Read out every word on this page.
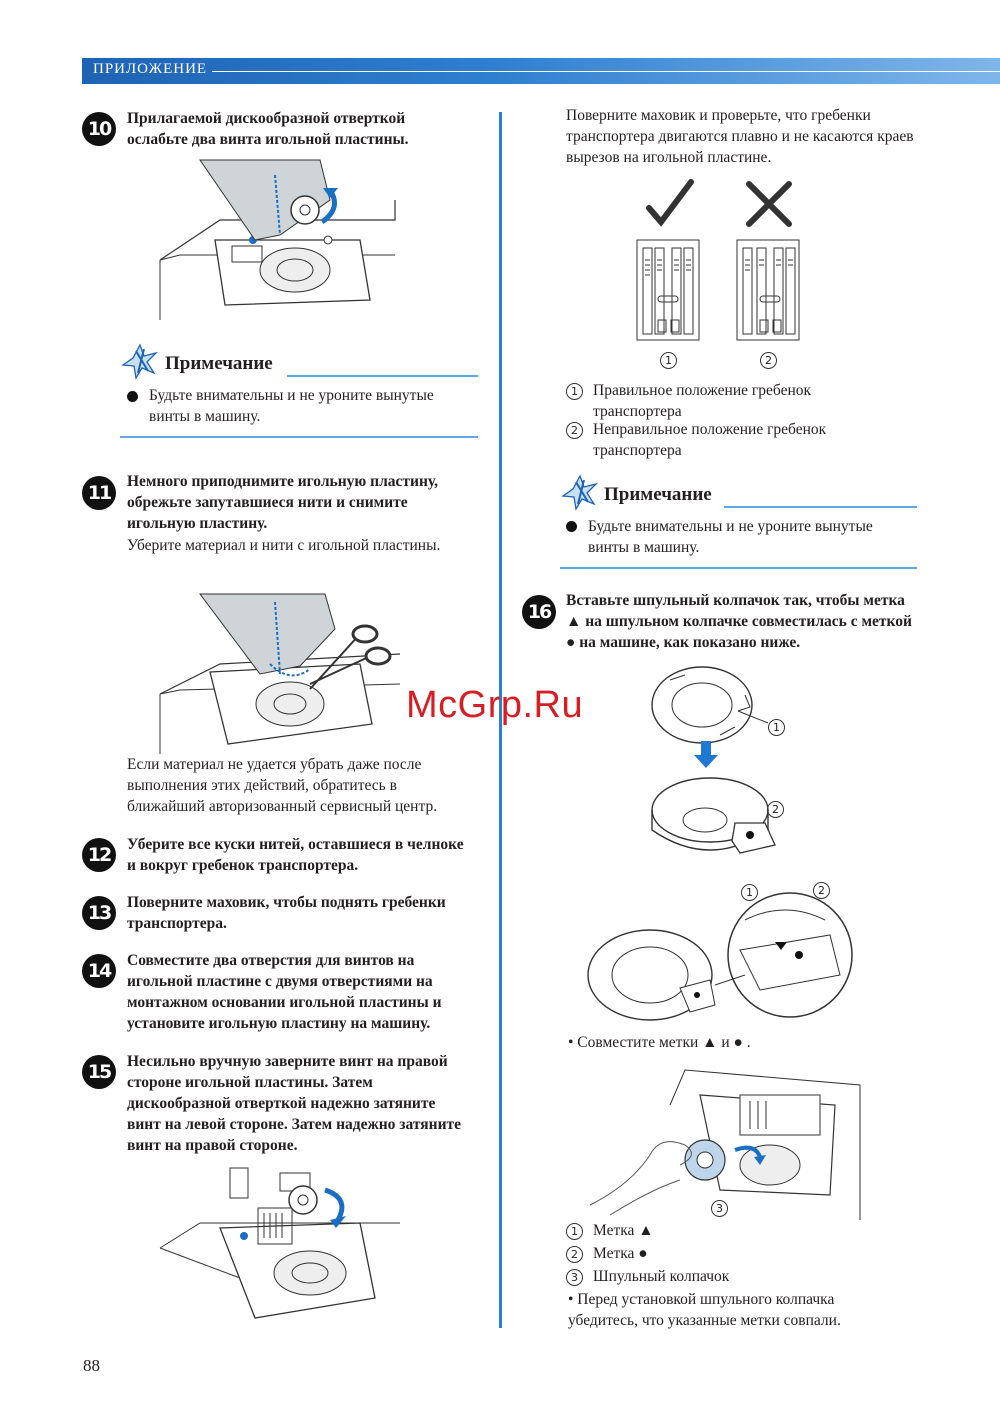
ПРИЛОЖЕНИЕ
10	Прилагаемой дискообразной отверткой ослабьте два винта игольной пластины.
Примечание
Будьте внимательны и не уроните вынутые винты в машину.
11
Немного приподнимите игольную пластину, обрежьте запутавшиеся нити и снимите игольную пластину.
Уберите материал и нити с игольной пластины.
Если материал не удается убрать даже после выполнения этих действий, обратитесь в ближайший авторизованный сервисный центр.
12	Уберите все куски нитей, оставшиеся в челноке и вокруг гребенок транспортера.
13	Поверните маховик, чтобы поднять гребенки транспортера.
14	Совместите два отверстия для винтов на игольной пластине с двумя отверстиями на монтажном основании игольной пластины и установите игольную пластину на машину.
15	Несильно вручную заверните винт на правой стороне игольной пластины. Затем дискообразной отверткой надежно затяните винт на левой стороне. Затем надежно затяните винт на правой стороне.
Поверните маховик и проверьте, что гребенки транспортера двигаются плавно и не касаются краев вырезов на игольной пластине.
1	2
1 Правильное положение гребенок транспортера
2 Неправильное положение гребенок транспортера
Примечание
Будьте внимательны и не уроните вынутые винты в машину.
16
Вставьте шпульный колпачок так, чтобы метка ▲ на шпульном колпачке совместилась с меткой ● на машине, как показано ниже.
1
2
1	2
• Совместите метки ▲ и ● .
3
1 Метка ▲
2 Метка ●
3 Шпульный колпачок
• Перед установкой шпульного колпачка убедитесь, что указанные метки совпали.
McGrp.Ru
88
